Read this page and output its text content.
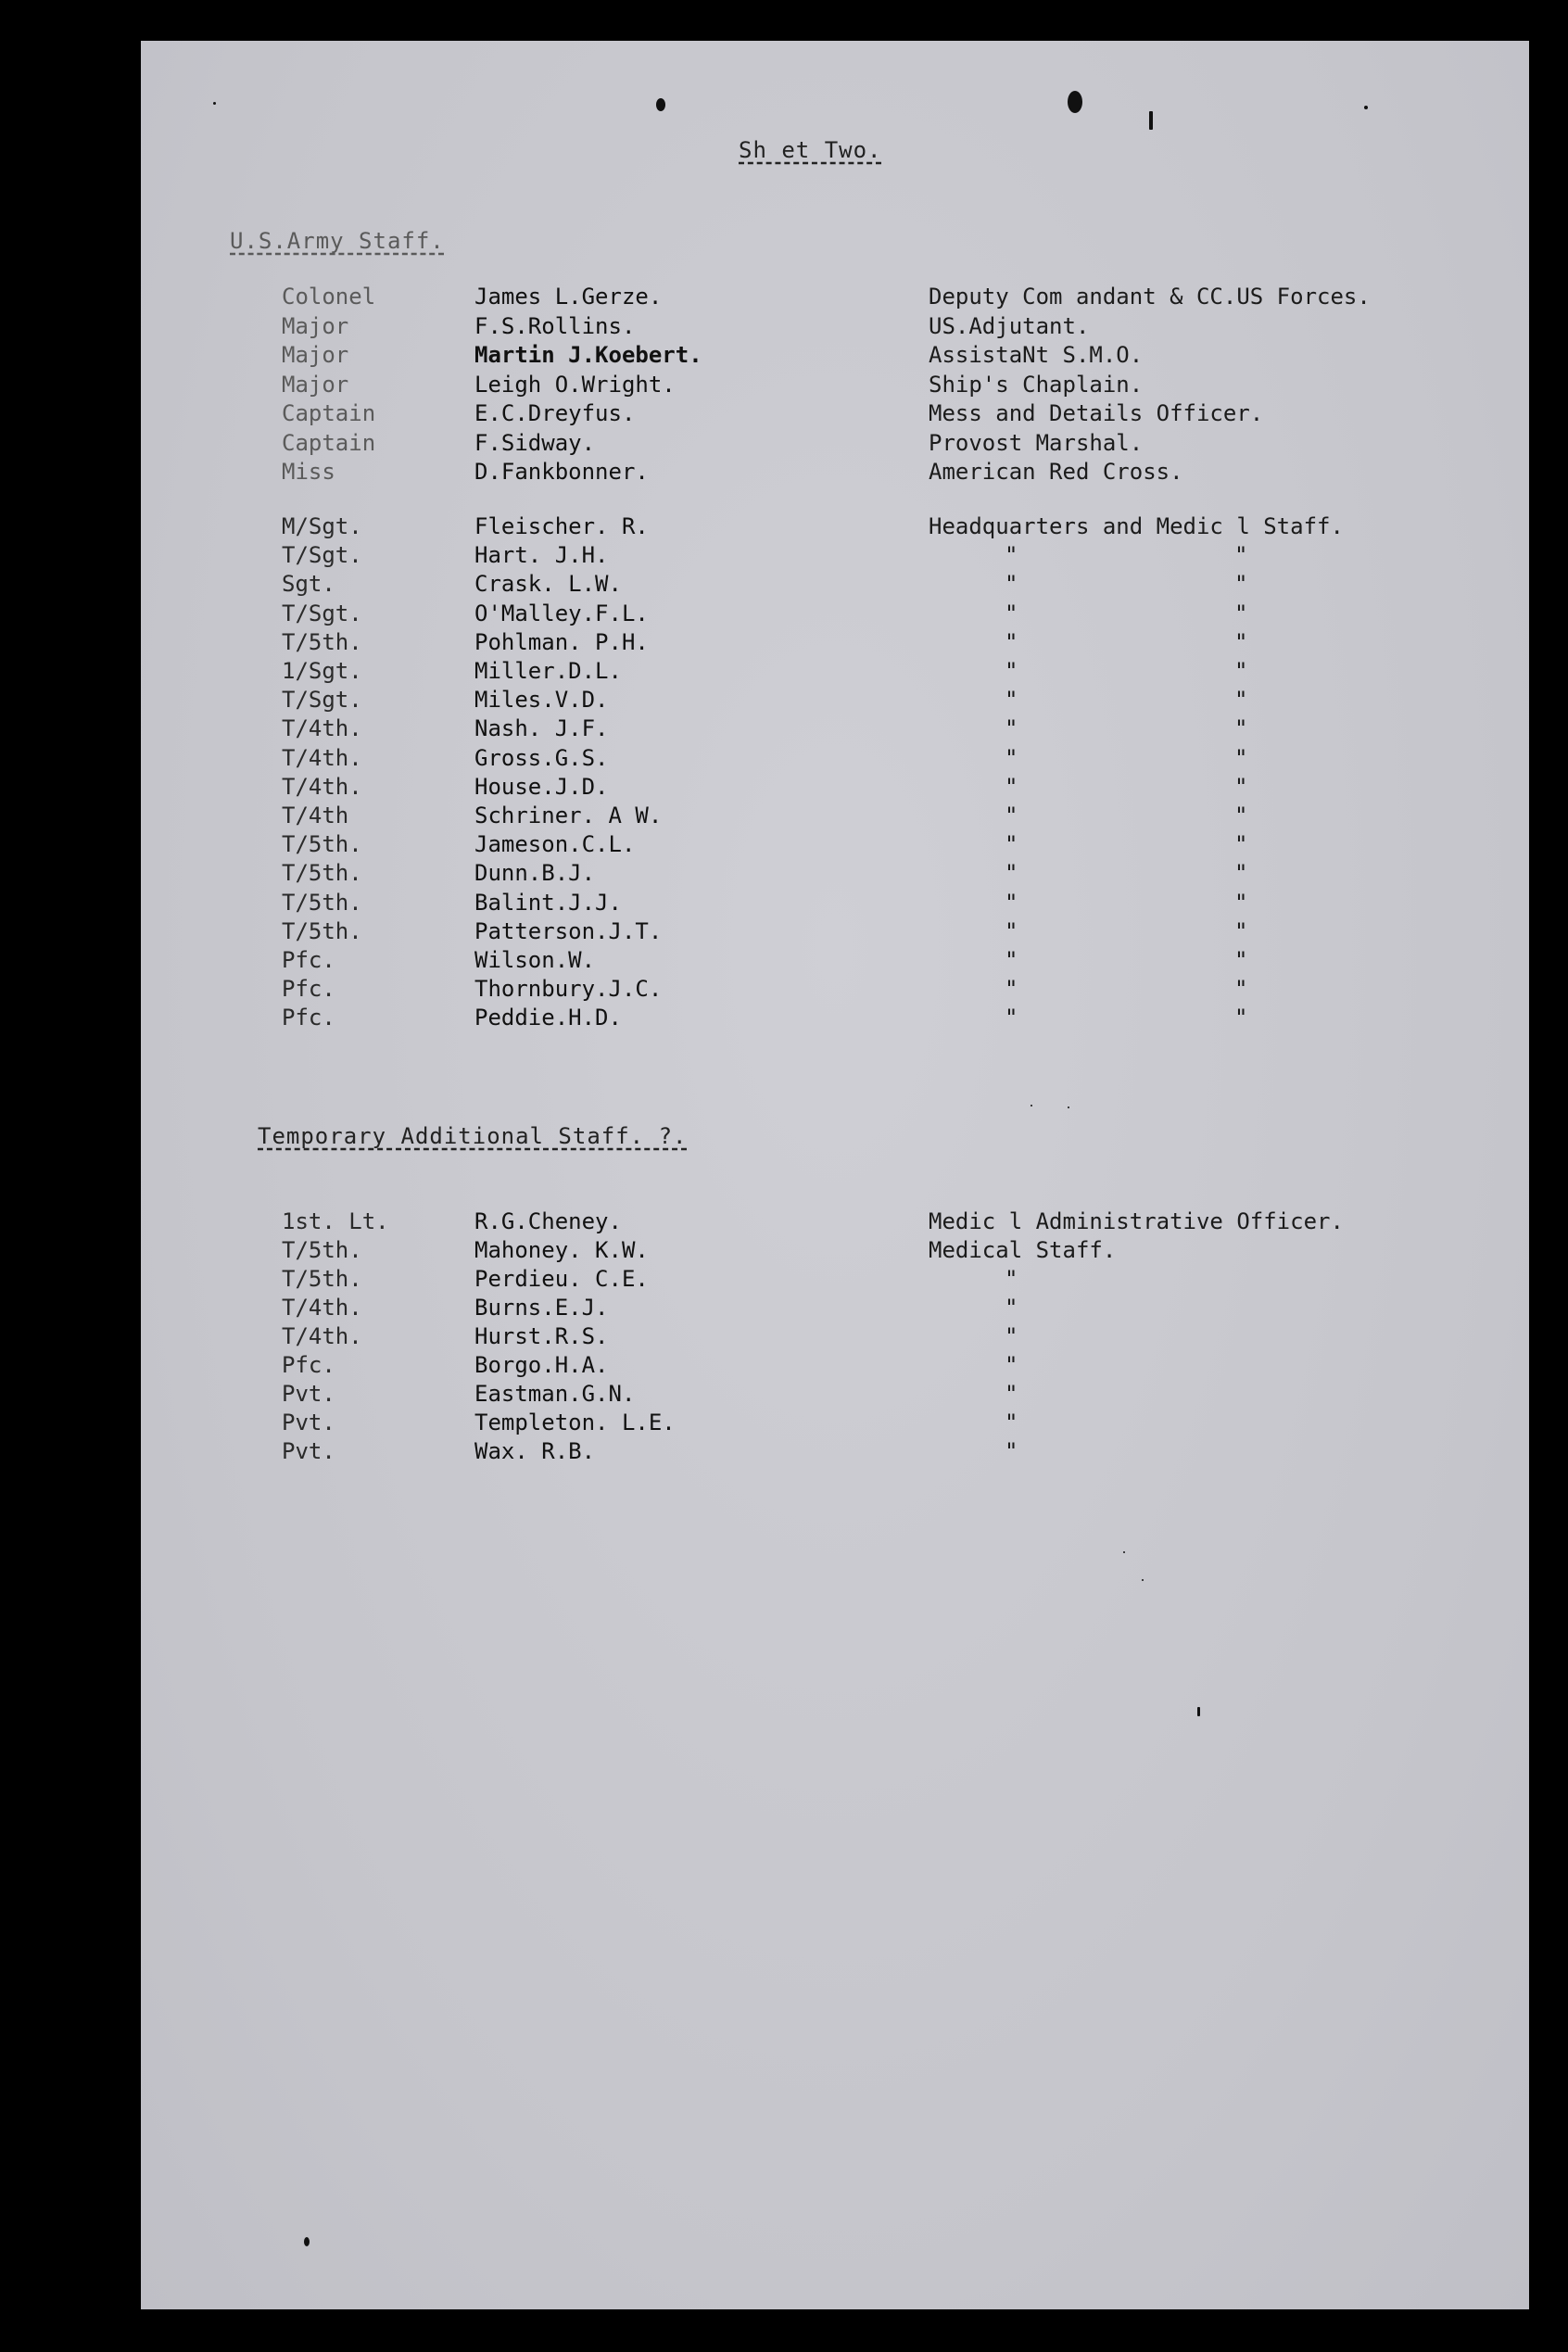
Sh et Two.
U.S.Army Staff.
Colonel	James L.Gerze.	Deputy Com andant & CC.US Forces.
Major	F.S.Rollins.	US.Adjutant.
Major	Martin J.Koebert.	AssistaNt S.M.O.
Major	Leigh O.Wright.	Ship's Chaplain.
Captain	E.C.Dreyfus.	Mess and Details Officer.
Captain	F.Sidway.	Provost Marshal.
Miss	D.Fankbonner.	American Red Cross.
M/Sgt.	Fleischer. R.	Headquarters and Medic l Staff.
T/Sgt.	Hart. J.H.	"	"
Sgt.	Crask. L.W.	"	"
T/Sgt.	O'Malley.F.L.	"	"
T/5th.	Pohlman. P.H.	"	"
1/Sgt.	Miller.D.L.	"	"
T/Sgt.	Miles.V.D.	"	"
T/4th.	Nash. J.F.	"	"
T/4th.	Gross.G.S.	"	"
T/4th.	House.J.D.	"	"
T/4th	Schriner. A W.	"	"
T/5th.	Jameson.C.L.	"	"
T/5th.	Dunn.B.J.	"	"
T/5th.	Balint.J.J.	"	"
T/5th.	Patterson.J.T.	"	"
Pfc.	Wilson.W.	"	"
Pfc.	Thornbury.J.C.	"	"
Pfc.	Peddie.H.D.	"	"
Temporary Additional Staff. ?.
1st. Lt.	R.G.Cheney.	Medic l Administrative Officer.
T/5th.	Mahoney. K.W.	Medical Staff.
T/5th.	Perdieu. C.E.	"
T/4th.	Burns.E.J.	"
T/4th.	Hurst.R.S.	"
Pfc.	Borgo.H.A.	"
Pvt.	Eastman.G.N.	"
Pvt.	Templeton. L.E.	"
Pvt.	Wax. R.B.	"
